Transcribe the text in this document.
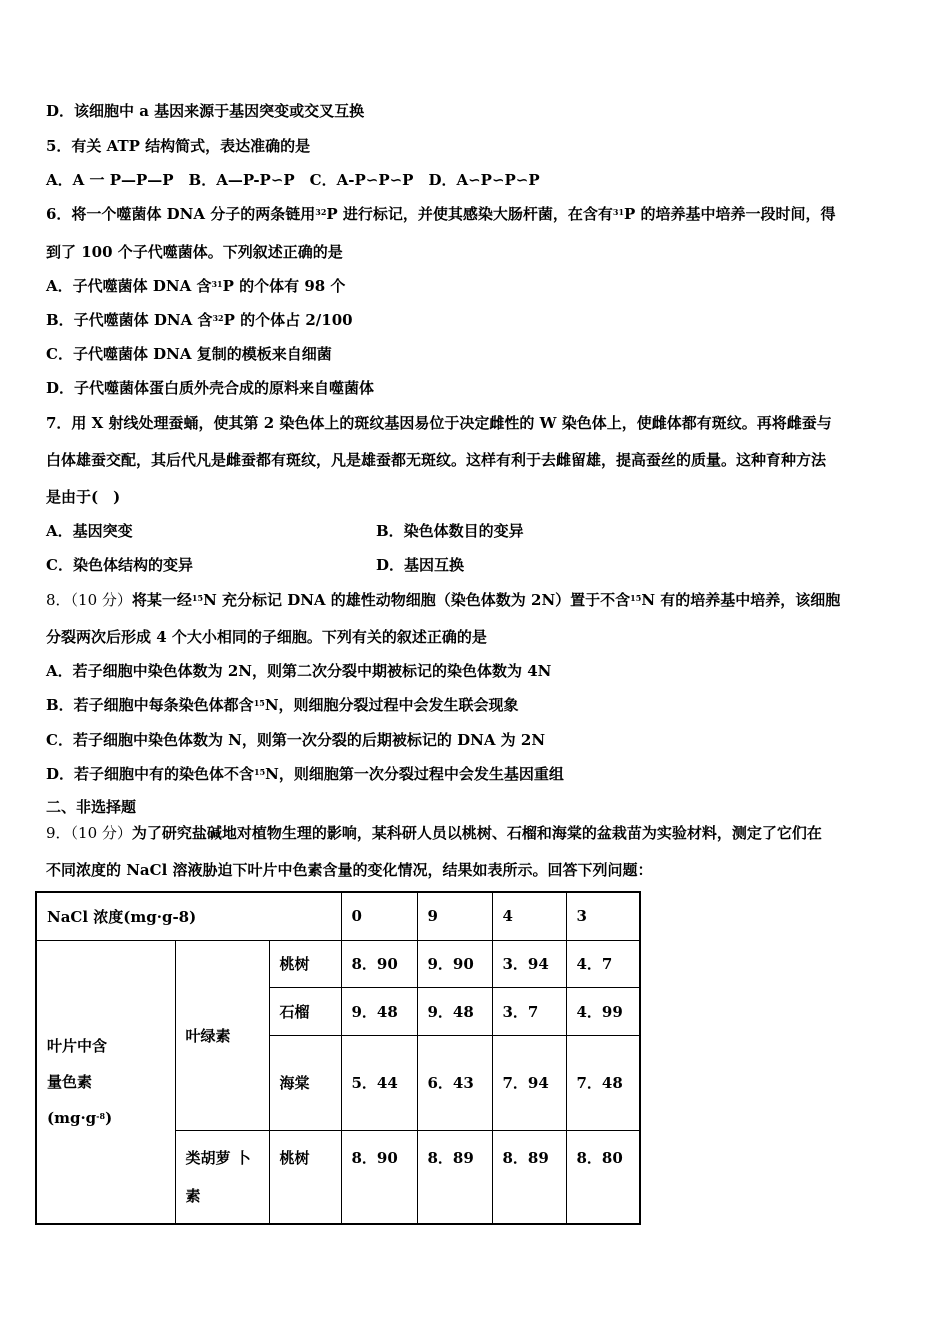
D．该细胞中 a 基因来源于基因突变或交叉互换
5．有关 ATP 结构简式，表达准确的是
A．A 一 P—P—P　B．A—P-P∽P　C．A-P∽P∽P　D．A∽P∽P∽P
6．将一个噬菌体 DNA 分子的两条链用$^{32}$P 进行标记，并使其感染大肠杆菌，在含有$^{31}$P 的培养基中培养一段时间，得
到了 100 个子代噬菌体。下列叙述正确的是
A．子代噬菌体 DNA 含$^{31}$P 的个体有 98 个
B．子代噬菌体 DNA 含$^{32}$P 的个体占 2/100
C．子代噬菌体 DNA 复制的模板来自细菌
D．子代噬菌体蛋白质外壳合成的原料来自噬菌体
7．用 X 射线处理蚕蛹，使其第 2 染色体上的斑纹基因易位于决定雌性的 W 染色体上，使雌体都有斑纹。再将雌蚕与
白体雄蚕交配，其后代凡是雌蚕都有斑纹，凡是雄蚕都无斑纹。这样有利于去雌留雄，提高蚕丝的质量。这种育种方法
是由于(　)
A．基因突变	B．染色体数目的变异
C．染色体结构的变异	D．基因互换
8．（10 分）将某一经$^{15}$N 充分标记 DNA 的雄性动物细胞（染色体数为 2N）置于不含$^{15}$N 有的培养基中培养，该细胞
分裂两次后形成 4 个大小相同的子细胞。下列有关的叙述正确的是
A．若子细胞中染色体数为 2N，则第二次分裂中期被标记的染色体数为 4N
B．若子细胞中每条染色体都含$^{15}$N，则细胞分裂过程中会发生联会现象
C．若子细胞中染色体数为 N，则第一次分裂的后期被标记的 DNA 为 2N
D．若子细胞中有的染色体不含$^{15}$N，则细胞第一次分裂过程中会发生基因重组
二、非选择题
9．（10 分）为了研究盐碱地对植物生理的影响，某科研人员以桃树、石榴和海棠的盆栽苗为实验材料，测定了它们在
不同浓度的 NaCl 溶液胁迫下叶片中色素含量的变化情况，结果如表所示。回答下列问题：
NaCl 浓度(mg·g-8)			0	9	4	3

叶片中含
量色素
$(mg\cdot g^{-8})$	叶绿素	桃树	8．90	9．90	3．94	4．7
		石榴	9．48	9．48	3．7	4．99
		海棠	5．44	6．43	7．94	7．48

	类胡萝 卜
素	桃树	8．90	8．89	8．89	8．80
